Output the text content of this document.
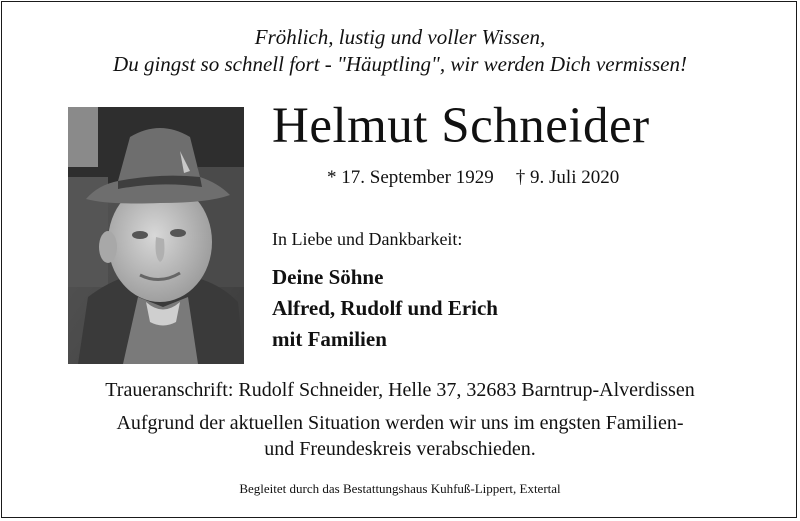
Fröhlich, lustig und voller Wissen,
Du gingst so schnell fort - "Häuptling", wir werden Dich vermissen!
Helmut Schneider
* 17. September 1929 † 9. Juli 2020
In Liebe und Dankbarkeit:
Deine Söhne
Alfred, Rudolf und Erich
mit Familien
Traueranschrift: Rudolf Schneider, Helle 37, 32683 Barntrup-Alverdissen
Aufgrund der aktuellen Situation werden wir uns im engsten Familien-
und Freundeskreis verabschieden.
Begleitet durch das Bestattungshaus Kuhfuß-Lippert, Extertal
